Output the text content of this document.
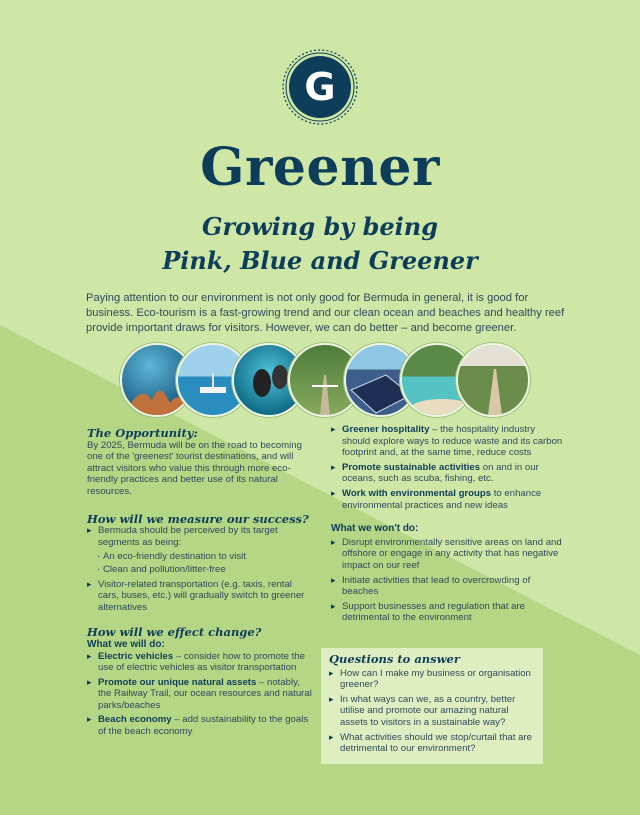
G
Greener
Growing by being
Pink, Blue and Greener

Paying attention to our environment is not only good for Bermuda in general, it is good for business. Eco-tourism is a fast-growing trend and our clean ocean and beaches and healthy reef provide important draws for visitors. However, we can do better – and become greener.

The Opportunity:

By 2025, Bermuda will be on the road to becoming one of the 'greenest' tourist destinations, and will attract visitors who value this through more eco-friendly practices and better use of its natural resources.

How will we measure our success?
▸ Bermuda should be perceived by its target segments as being:
· An eco-friendly destination to visit
· Clean and pollution/litter-free
▸ Visitor-related transportation (e.g. taxis, rental cars, buses, etc.) will gradually switch to greener alternatives
How will we effect change?
What we will do:
▸ Electric vehicles – consider how to promote the use of electric vehicles as visitor transportation
▸ Promote our unique natural assets – notably, the Railway Trail, our ocean resources and natural parks/beaches
▸ Beach economy – add sustainability to the goals of the beach economy
▸ Greener hospitality – the hospitality industry should explore ways to reduce waste and its carbon footprint and, at the same time, reduce costs
▸ Promote sustainable activities on and in our oceans, such as scuba, fishing, etc.
▸ Work with environmental groups to enhance environmental practices and new ideas
What we won't do:
▸ Disrupt environmentally sensitive areas on land and offshore or engage in any activity that has negative impact on our reef
▸ Initiate activities that lead to overcrowding of beaches
▸ Support businesses and regulation that are detrimental to the environment
Questions to answer
▸ How can I make my business or organisation greener?
▸ In what ways can we, as a country, better utilise and promote our amazing natural assets to visitors in a sustainable way?
▸ What activities should we stop/curtail that are detrimental to our environment?
